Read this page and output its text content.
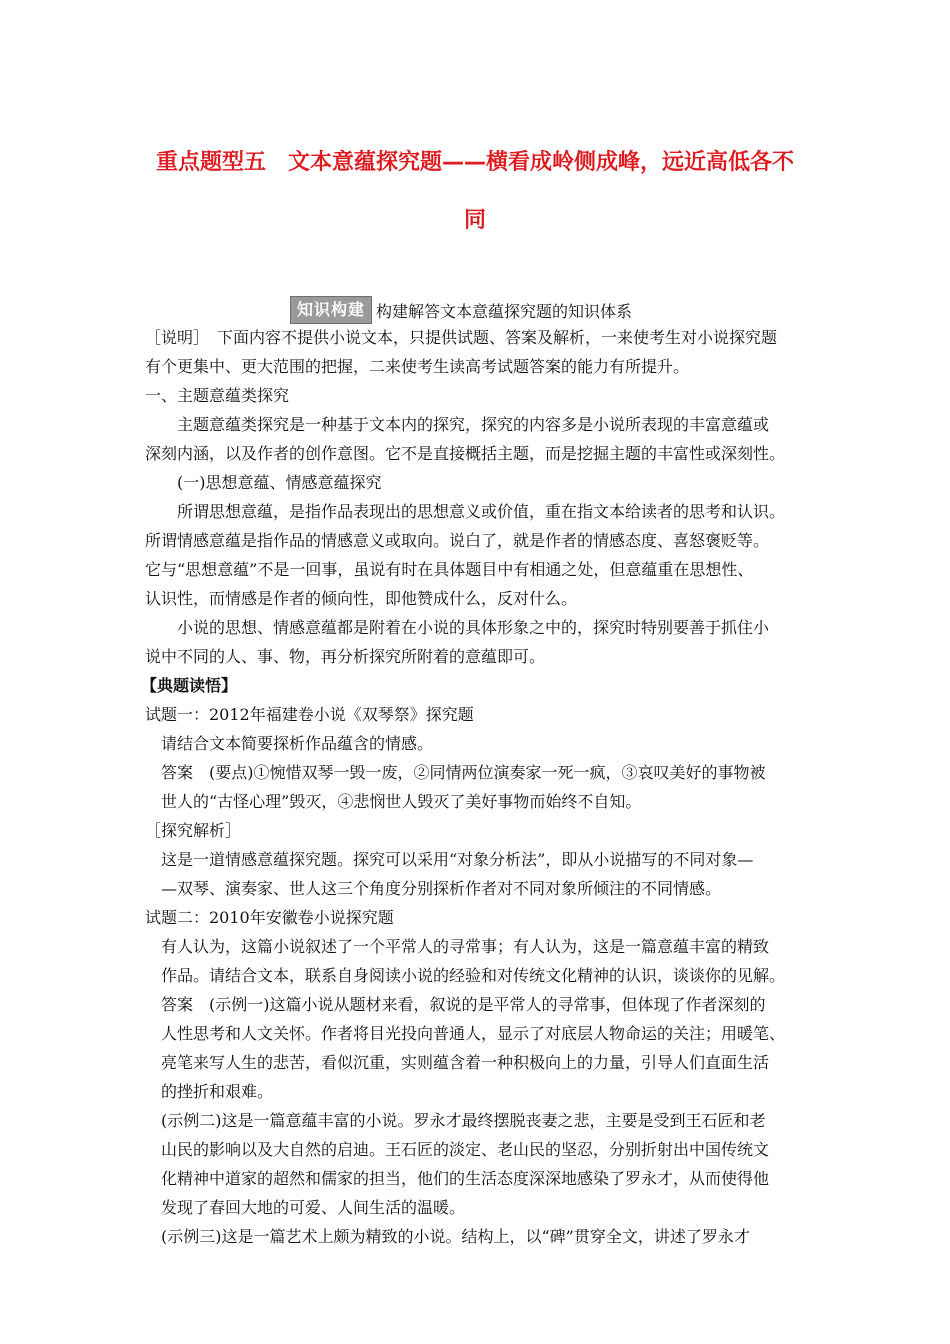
重点题型五　文本意蕴探究题——横看成岭侧成峰，远近高低各不
同
知识构建 构建解答文本意蕴探究题的知识体系
［说明］　下面内容不提供小说文本，只提供试题、答案及解析，一来使考生对小说探究题
有个更集中、更大范围的把握，二来使考生读高考试题答案的能力有所提升。
一、主题意蕴类探究
主题意蕴类探究是一种基于文本内的探究，探究的内容多是小说所表现的丰富意蕴或
深刻内涵，以及作者的创作意图。它不是直接概括主题，而是挖掘主题的丰富性或深刻性。
(一)思想意蕴、情感意蕴探究
所谓思想意蕴，是指作品表现出的思想意义或价值，重在指文本给读者的思考和认识。
所谓情感意蕴是指作品的情感意义或取向。说白了，就是作者的情感态度、喜怒褒贬等。
它与“思想意蕴”不是一回事，虽说有时在具体题目中有相通之处，但意蕴重在思想性、
认识性，而情感是作者的倾向性，即他赞成什么，反对什么。
小说的思想、情感意蕴都是附着在小说的具体形象之中的，探究时特别要善于抓住小
说中不同的人、事、物，再分析探究所附着的意蕴即可。
【典题读悟】
试题一：2012年福建卷小说《双琴祭》探究题
请结合文本简要探析作品蕴含的情感。
答案　(要点)①惋惜双琴一毁一废，②同情两位演奏家一死一疯，③哀叹美好的事物被
世人的“古怪心理”毁灭，④悲悯世人毁灭了美好事物而始终不自知。
［探究解析］
这是一道情感意蕴探究题。探究可以采用“对象分析法”，即从小说描写的不同对象—
—双琴、演奏家、世人这三个角度分别探析作者对不同对象所倾注的不同情感。
试题二：2010年安徽卷小说探究题
有人认为，这篇小说叙述了一个平常人的寻常事；有人认为，这是一篇意蕴丰富的精致
作品。请结合文本，联系自身阅读小说的经验和对传统文化精神的认识，谈谈你的见解。
答案　(示例一)这篇小说从题材来看，叙说的是平常人的寻常事，但体现了作者深刻的
人性思考和人文关怀。作者将目光投向普通人，显示了对底层人物命运的关注；用暖笔、
亮笔来写人生的悲苦，看似沉重，实则蕴含着一种积极向上的力量，引导人们直面生活
的挫折和艰难。
(示例二)这是一篇意蕴丰富的小说。罗永才最终摆脱丧妻之悲，主要是受到王石匠和老
山民的影响以及大自然的启迪。王石匠的淡定、老山民的坚忍，分别折射出中国传统文
化精神中道家的超然和儒家的担当，他们的生活态度深深地感染了罗永才，从而使得他
发现了春回大地的可爱、人间生活的温暖。
(示例三)这是一篇艺术上颇为精致的小说。结构上，以“碑”贯穿全文，讲述了罗永才
